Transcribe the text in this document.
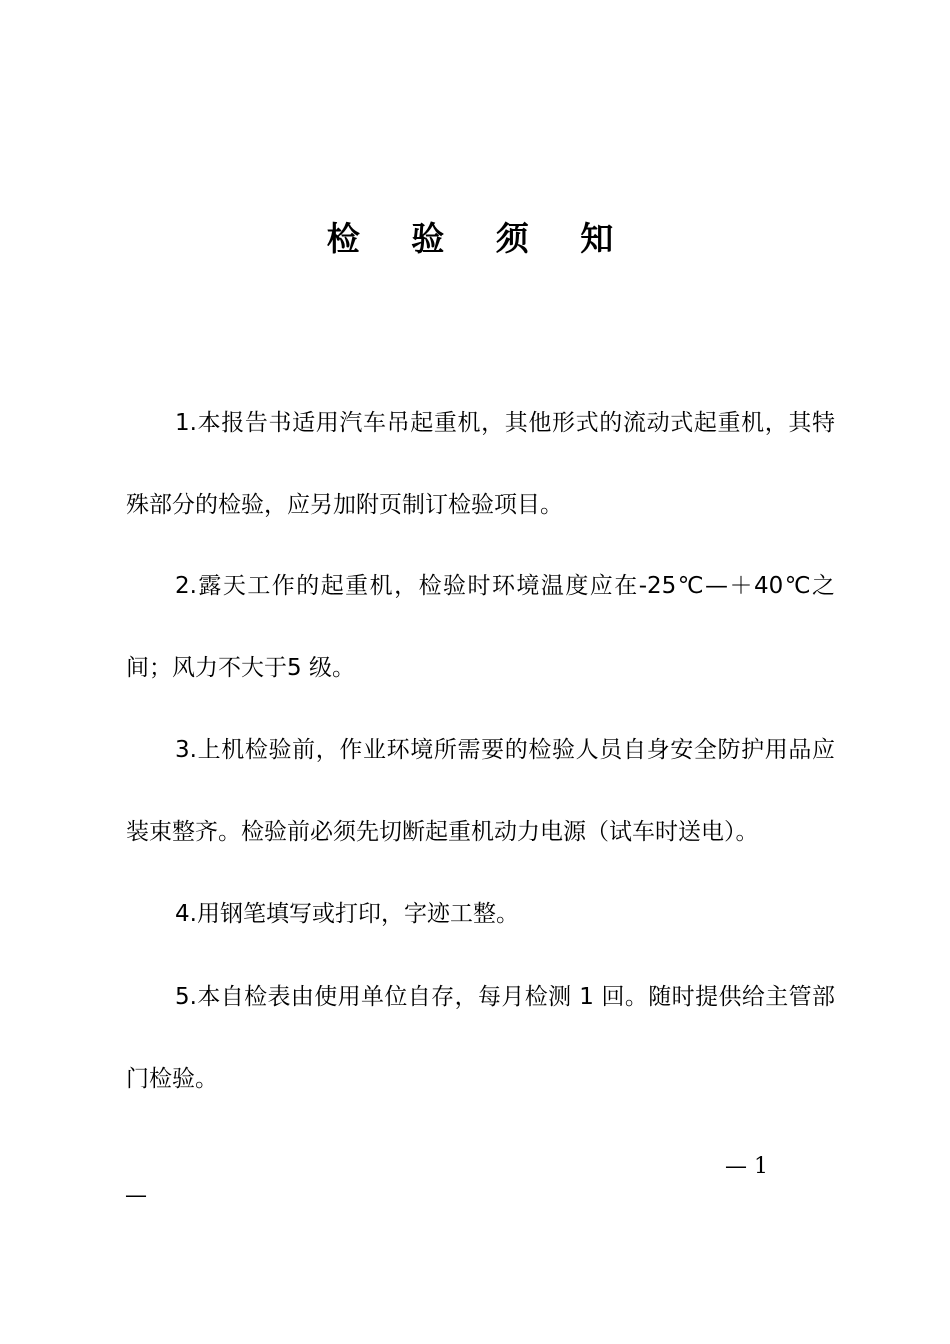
检 验 须 知
1.本报告书适用汽车吊起重机，其他形式的流动式起重机，其特
殊部分的检验，应另加附页制订检验项目。
2.露天工作的起重机，检验时环境温度应在-25℃—＋40℃之
间；风力不大于5 级。
3.上机检验前，作业环境所需要的检验人员自身安全防护用品应
装束整齐。检验前必须先切断起重机动力电源（试车时送电）。
4.用钢笔填写或打印，字迹工整。
5.本自检表由使用单位自存，每月检测 1 回。随时提供给主管部
门检验。
— 1
—
